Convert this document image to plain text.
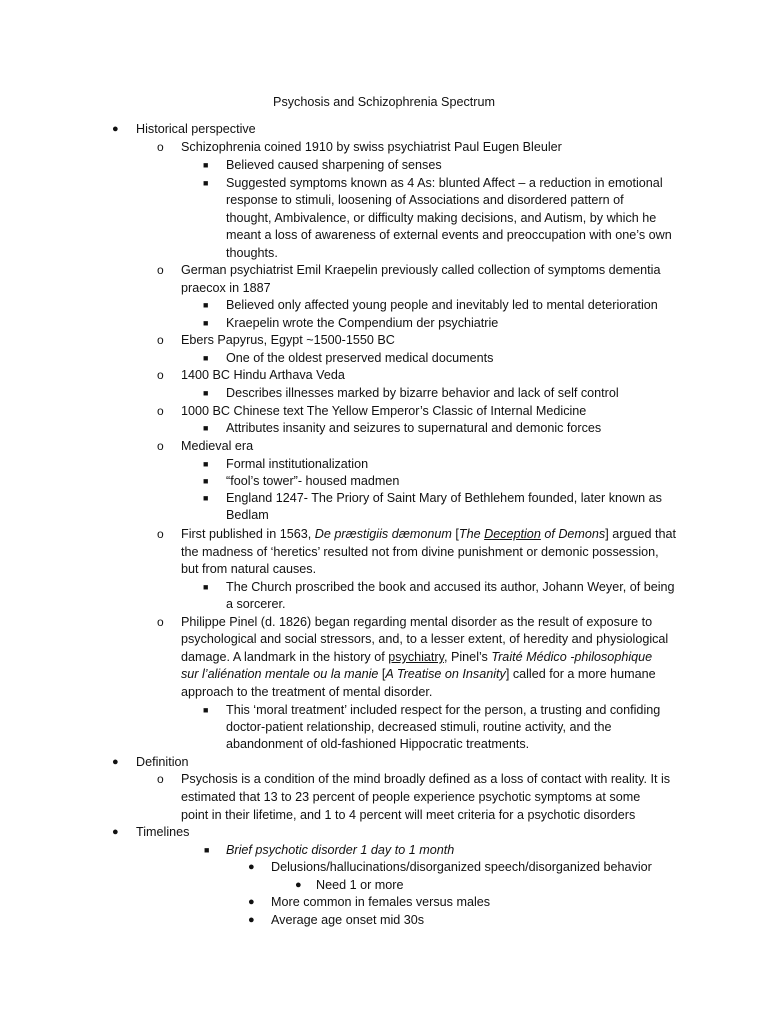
Psychosis and Schizophrenia Spectrum
● Historical perspective
o Schizophrenia coined 1910 by swiss psychiatrist Paul Eugen Bleuler
■ Believed caused sharpening of senses
■ Suggested symptoms known as 4 As: blunted Affect – a reduction in emotional
response to stimuli, loosening of Associations and disordered pattern of
thought, Ambivalence, or difficulty making decisions, and Autism, by which he
meant a loss of awareness of external events and preoccupation with one’s own
thoughts.
o German psychiatrist Emil Kraepelin previously called collection of symptoms dementia
praecox in 1887
■ Believed only affected young people and inevitably led to mental deterioration
■ Kraepelin wrote the Compendium der psychiatrie
o Ebers Papyrus, Egypt ~1500-1550 BC
■ One of the oldest preserved medical documents
o 1400 BC Hindu Arthava Veda
■ Describes illnesses marked by bizarre behavior and lack of self control
o 1000 BC Chinese text The Yellow Emperor’s Classic of Internal Medicine
■ Attributes insanity and seizures to supernatural and demonic forces
o Medieval era
■ Formal institutionalization
■ “fool’s tower”- housed madmen
■ England 1247- The Priory of Saint Mary of Bethlehem founded, later known as
Bedlam
o First published in 1563, De præstigiis dæmonum [The Deception of Demons] argued that
the madness of ‘heretics’ resulted not from divine punishment or demonic possession,
but from natural causes.
■ The Church proscribed the book and accused its author, Johann Weyer, of being
a sorcerer.
o Philippe Pinel (d. 1826) began regarding mental disorder as the result of exposure to
psychological and social stressors, and, to a lesser extent, of heredity and physiological
damage. A landmark in the history of psychiatry, Pinel’s Traité Médico -philosophique
sur l’aliénation mentale ou la manie [A Treatise on Insanity] called for a more humane
approach to the treatment of mental disorder.
■ This ‘moral treatment’ included respect for the person, a trusting and confiding
doctor-patient relationship, decreased stimuli, routine activity, and the
abandonment of old-fashioned Hippocratic treatments.
● Definition
o Psychosis is a condition of the mind broadly defined as a loss of contact with reality. It is
estimated that 13 to 23 percent of people experience psychotic symptoms at some
point in their lifetime, and 1 to 4 percent will meet criteria for a psychotic disorders
● Timelines
■ Brief psychotic disorder 1 day to 1 month
● Delusions/hallucinations/disorganized speech/disorganized behavior
● Need 1 or more
● More common in females versus males
● Average age onset mid 30s
